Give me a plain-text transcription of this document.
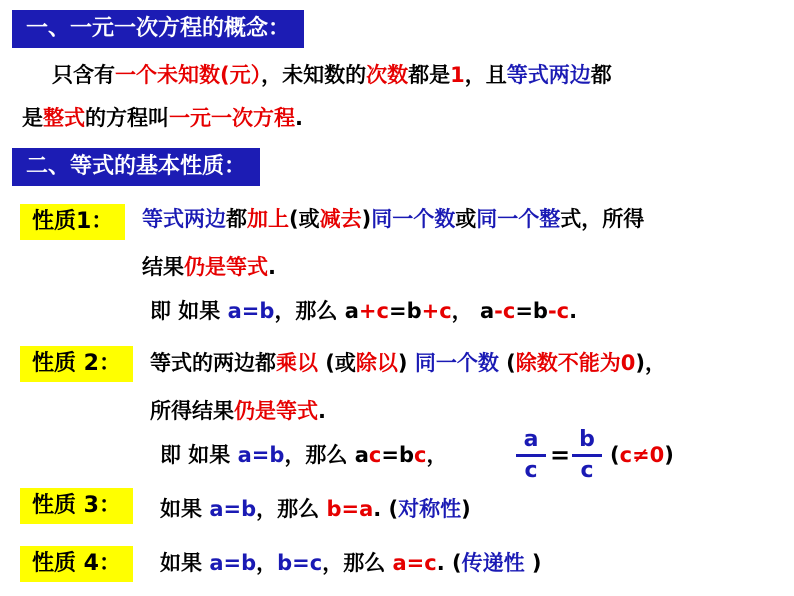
一、一元一次方程的概念：
只含有一个未知数(元），未知数的次数都是1，且等式两边都
是整式的方程叫一元一次方程.
二、等式的基本性质：
性质1：	等式两边都加上(或减去)同一个数或同一个整式，所得
结果仍是等式.
即 如果 a=b，那么 a+c=b+c， a-c=b-c.
性质 2：	等式的两边都乘以 (或除以) 同一个数 (除数不能为0)，
所得结果仍是等式.
即 如果 a=b，那么 ac=bc，
a
c
=
b
c
(c≠0)
性质 3：	如果 a=b，那么 b=a. (对称性)
性质 4：	如果 a=b，b=c，那么 a=c. (传递性 )
